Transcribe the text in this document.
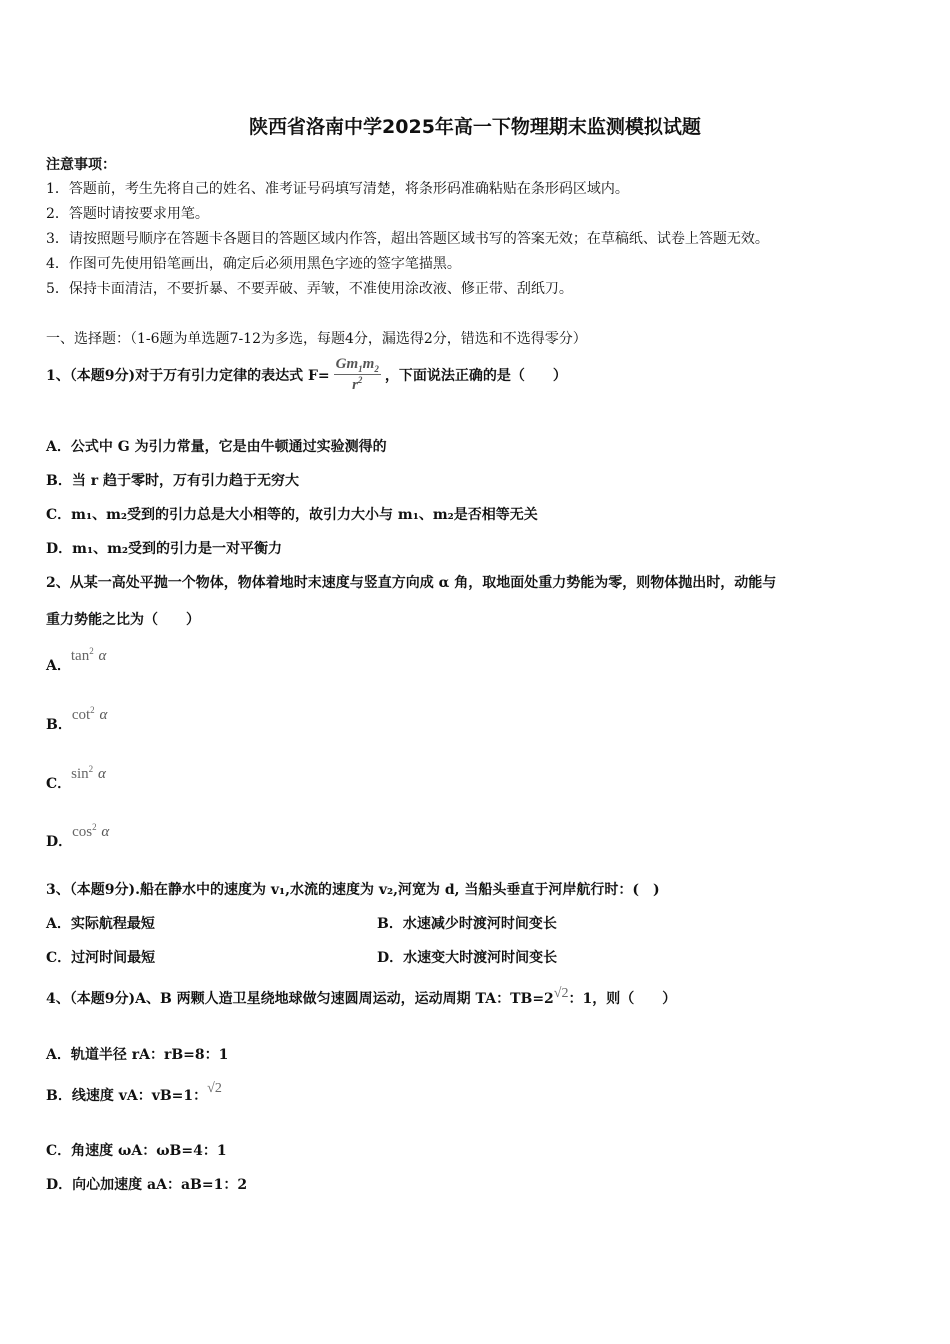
陕西省洛南中学2025年高一下物理期末监测模拟试题
注意事项：
1．答题前，考生先将自己的姓名、准考证号码填写清楚，将条形码准确粘贴在条形码区域内。
2．答题时请按要求用笔。
3．请按照题号顺序在答题卡各题目的答题区域内作答，超出答题区域书写的答案无效；在草稿纸、试卷上答题无效。
4．作图可先使用铅笔画出，确定后必须用黑色字迹的签字笔描黑。
5．保持卡面清洁，不要折暴、不要弄破、弄皱，不准使用涂改液、修正带、刮纸刀。
一、选择题：（1-6题为单选题7-12为多选，每题4分，漏选得2分，错选和不选得零分）
1、（本题9分)对于万有引力定律的表达式 $F= \frac{Gm_1m_2}{r^2}$ ，下面说法正确的是（　　）
A．公式中 G 为引力常量，它是由牛顿通过实验测得的
B．当 r 趋于零时，万有引力趋于无穷大
C．m₁、m₂受到的引力总是大小相等的，故引力大小与 m₁、m₂是否相等无关
D．m₁、m₂受到的引力是一对平衡力
2、从某一高处平抛一个物体，物体着地时末速度与竖直方向成 α 角，取地面处重力势能为零，则物体抛出时，动能与
重力势能之比为（　　）
A．$\tan^2 \alpha$
B．$\cot^2 \alpha$
C．$\sin^2 \alpha$
D．$\cos^2 \alpha$
3、（本题9分).船在静水中的速度为 v₁,水流的速度为 v₂,河宽为 d, 当船头垂直于河岸航行时：(　)
A．实际航程最短	B．水速减少时渡河时间变长
C．过河时间最短	D．水速变大时渡河时间变长
4、（本题9分)A、B 两颗人造卫星绕地球做匀速圆周运动，运动周期 TA：TB=2√2：1，则（　　）
A．轨道半径 rA：rB=8：1
B．线速度 vA：vB=1：√2
C．角速度 ωA：ωB=4：1
D．向心加速度 aA：aB=1：2
